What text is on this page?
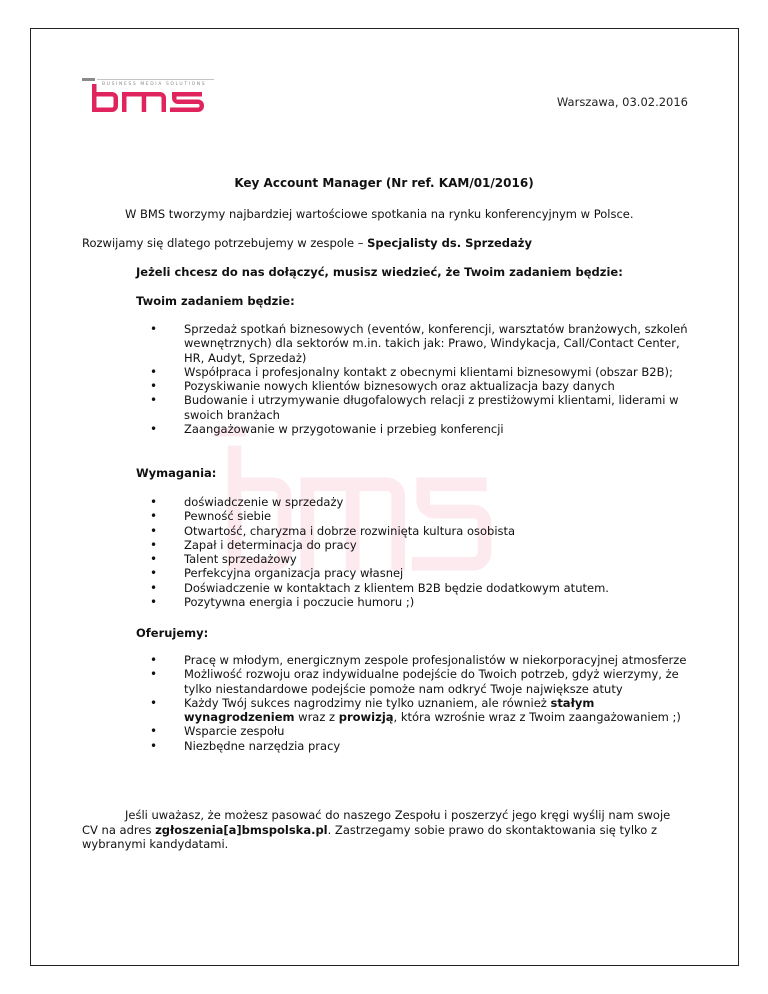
BUSINESS MEDIA SOLUTIONS
Warszawa, 03.02.2016
Key Account Manager (Nr ref. KAM/01/2016)
W BMS tworzymy najbardziej wartościowe spotkania na rynku konferencyjnym w Polsce.
Rozwijamy się dlatego potrzebujemy w zespole – Specjalisty ds. Sprzedaży
Jeżeli chcesz do nas dołączyć, musisz wiedzieć, że Twoim zadaniem będzie:
Twoim zadaniem będzie:
• Sprzedaż spotkań biznesowych (eventów, konferencji, warsztatów branżowych, szkoleń wewnętrznych) dla sektorów m.in. takich jak: Prawo, Windykacja, Call/Contact Center, HR, Audyt, Sprzedaż)
• Współpraca i profesjonalny kontakt z obecnymi klientami biznesowymi (obszar B2B);
• Pozyskiwanie nowych klientów biznesowych oraz aktualizacja bazy danych
• Budowanie i utrzymywanie długofalowych relacji z prestiżowymi klientami, liderami w swoich branżach
• Zaangażowanie w przygotowanie i przebieg konferencji
Wymagania:
• doświadczenie w sprzedaży
• Pewność siebie
• Otwartość, charyzma i dobrze rozwinięta kultura osobista
• Zapał i determinacja do pracy
• Talent sprzedażowy
• Perfekcyjna organizacja pracy własnej
• Doświadczenie w kontaktach z klientem B2B będzie dodatkowym atutem.
• Pozytywna energia i poczucie humoru ;)
Oferujemy:
• Pracę w młodym, energicznym zespole profesjonalistów w niekorporacyjnej atmosferze
• Możliwość rozwoju oraz indywidualne podejście do Twoich potrzeb, gdyż wierzymy, że tylko niestandardowe podejście pomoże nam odkryć Twoje największe atuty
• Każdy Twój sukces nagrodzimy nie tylko uznaniem, ale również stałym wynagrodzeniem wraz z prowizją, która wzrośnie wraz z Twoim zaangażowaniem ;)
• Wsparcie zespołu
• Niezbędne narzędzia pracy
Jeśli uważasz, że możesz pasować do naszego Zespołu i poszerzyć jego kręgi wyślij nam swoje CV na adres zgłoszenia[a]bmspolska.pl. Zastrzegamy sobie prawo do skontaktowania się tylko z wybranymi kandydatami.
